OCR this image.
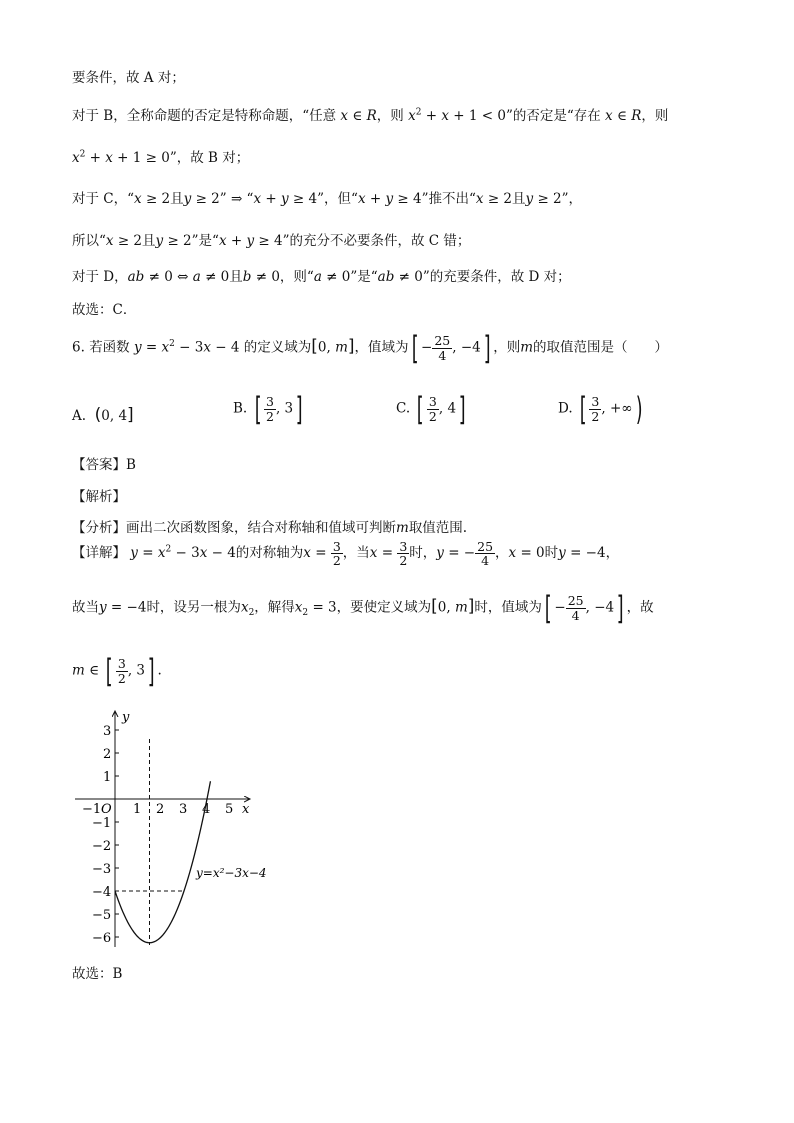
要条件，故 A 对；
对于 B，全称命题的否定是特称命题，“任意 x ∈ R，则 $x^2 + x + 1 < 0$”的否定是“存在 x ∈ R，则
$x^2 + x + 1 \ge 0$”，故 B 对；
对于 C，“x ≥ 2且y ≥ 2” ⇒ “x + y ≥ 4”，但“x + y ≥ 4”推不出“x ≥ 2且y ≥ 2”，
所以“x ≥ 2且y ≥ 2”是“x + y ≥ 4”的充分不必要条件，故 C 错；
对于 D，ab ≠ 0 ⇔ a ≠ 0且b ≠ 0，则“a ≠ 0”是“ab ≠ 0”的充要条件，故 D 对；
故选：C．
6. 若函数 $y = x^2 - 3x - 4$ 的定义域为[0, m]，值域为[ − $\frac{25}{4}$ , −4] ，则m的取值范围是（　　）
A. (0, 4]	B. [ $\frac{3}{2}$ , 3]	C. [ $\frac{3}{2}$ , 4]	D. [ $\frac{3}{2}$ , +∞)
【答案】B
【解析】
【分析】画出二次函数图象，结合对称轴和值域可判断m取值范围.
【详解】 $y = x^2 - 3x - 4$的对称轴为$x = \frac{3}{2}$ ，当$x = \frac{3}{2}$ 时，y = − $\frac{25}{4}$ ，x = 0时y = −4，
故当y = −4时，设另一根为$x_2$，解得$x_2 = 3$，要使定义域为[0, m]时，值域为[ − $\frac{25}{4}$ , −4] ，故
m ∈ [ $\frac{3}{2}$ , 3] .
x
y
O
−1 1 2 3 4 5
3
2
1
−1
−2
−3
−4
−5
−6
y=x²−3x−4
故选：B
